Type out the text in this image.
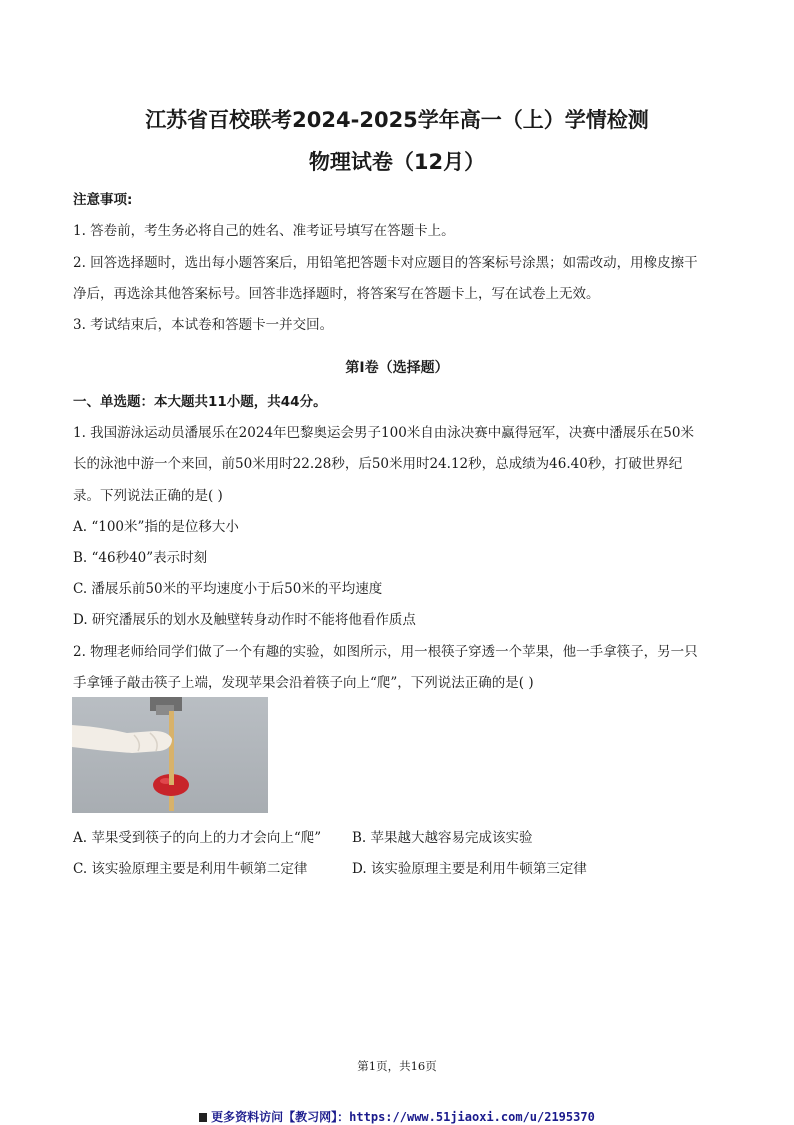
江苏省百校联考2024-2025学年高一（上）学情检测
物理试卷（12月）
注意事项:
1. 答卷前，考生务必将自己的姓名、准考证号填写在答题卡上。
2. 回答选择题时，选出每小题答案后，用铅笔把答题卡对应题目的答案标号涂黑；如需改动，用橡皮擦干
净后，再选涂其他答案标号。回答非选择题时，将答案写在答题卡上，写在试卷上无效。
3. 考试结束后，本试卷和答题卡一并交回。
第I卷（选择题）
一、单选题：本大题共11小题，共44分。
1. 我国游泳运动员潘展乐在2024年巴黎奥运会男子100米自由泳决赛中赢得冠军，决赛中潘展乐在50米
长的泳池中游一个来回，前50米用时22.28秒，后50米用时24.12秒，总成绩为46.40秒，打破世界纪
录。下列说法正确的是( )
A. “100米”指的是位移大小
B. “46秒40”表示时刻
C. 潘展乐前50米的平均速度小于后50米的平均速度
D. 研究潘展乐的划水及触壁转身动作时不能将他看作质点
2. 物理老师给同学们做了一个有趣的实验，如图所示，用一根筷子穿透一个苹果，他一手拿筷子，另一只
手拿锤子敲击筷子上端，发现苹果会沿着筷子向上“爬”，下列说法正确的是( )
A. 苹果受到筷子的向上的力才会向上“爬” B. 苹果越大越容易完成该实验
C. 该实验原理主要是利用牛顿第二定律	D. 该实验原理主要是利用牛顿第三定律
第1页，共16页
更多资料访问【教习网】：https://www.51jiaoxi.com/u/2195370
